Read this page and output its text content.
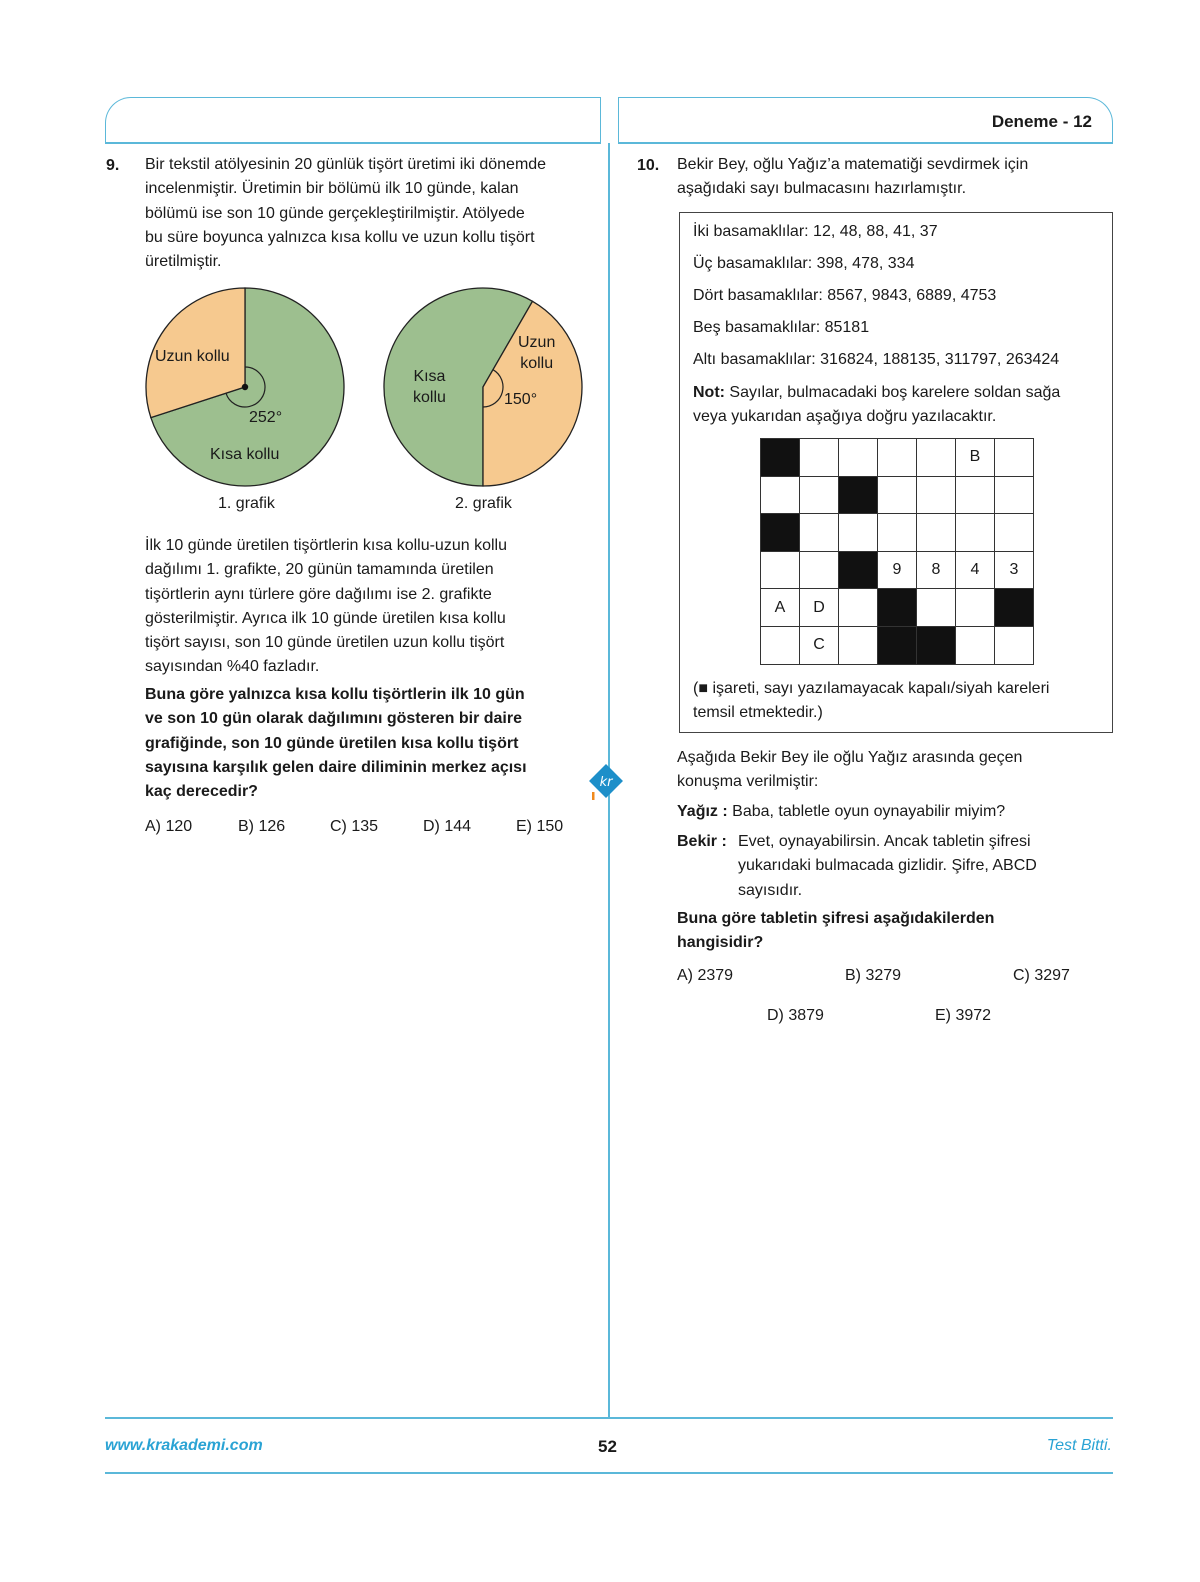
Deneme - 12
9. Bir tekstil atölyesinin 20 günlük tişört üretimi iki dönemde
incelenmiştir. Üretimin bir bölümü ilk 10 günde, kalan
bölümü ise son 10 günde gerçekleştirilmiştir. Atölyede
bu süre boyunca yalnızca kısa kollu ve uzun kollu tişört
üretilmiştir.
Uzun kollu
252°
Kısa kollu
1. grafik
Kısa
kollu
Uzun
kollu
150°
2. grafik
İlk 10 günde üretilen tişörtlerin kısa kollu-uzun kollu
dağılımı 1. grafikte, 20 günün tamamında üretilen
tişörtlerin aynı türlere göre dağılımı ise 2. grafikte
gösterilmiştir. Ayrıca ilk 10 günde üretilen kısa kollu
tişört sayısı, son 10 günde üretilen uzun kollu tişört
sayısından %40 fazladır.
Buna göre yalnızca kısa kollu tişörtlerin ilk 10 gün
ve son 10 gün olarak dağılımını gösteren bir daire
grafiğinde, son 10 günde üretilen kısa kollu tişört
sayısına karşılık gelen daire diliminin merkez açısı
kaç derecedir?
A) 120	B) 126	C) 135	D) 144	E) 150
kr
10. Bekir Bey, oğlu Yağız’a matematiği sevdirmek için
aşağıdaki sayı bulmacasını hazırlamıştır.
İki basamaklılar: 12, 48, 88, 41, 37
Üç basamaklılar: 398, 478, 334
Dört basamaklılar: 8567, 9843, 6889, 4753
Beş basamaklılar: 85181
Altı basamaklılar: 316824, 188135, 311797, 263424
Not: Sayılar, bulmacadaki boş karelere soldan sağa
veya yukarıdan aşağıya doğru yazılacaktır.
					B	

			9	8	4	3
A	D					
	C					
(■ işareti, sayı yazılamayacak kapalı/siyah kareleri
temsil etmektedir.)
Aşağıda Bekir Bey ile oğlu Yağız arasında geçen
konuşma verilmiştir:
Yağız : Baba, tabletle oyun oynayabilir miyim?
Bekir : Evet, oynayabilirsin. Ancak tabletin şifresi
yukarıdaki bulmacada gizlidir. Şifre, ABCD
sayısıdır.
Buna göre tabletin şifresi aşağıdakilerden
hangisidir?
A) 2379	B) 3279	C) 3297
D) 3879	E) 3972
www.krakademi.com	52	Test Bitti.
